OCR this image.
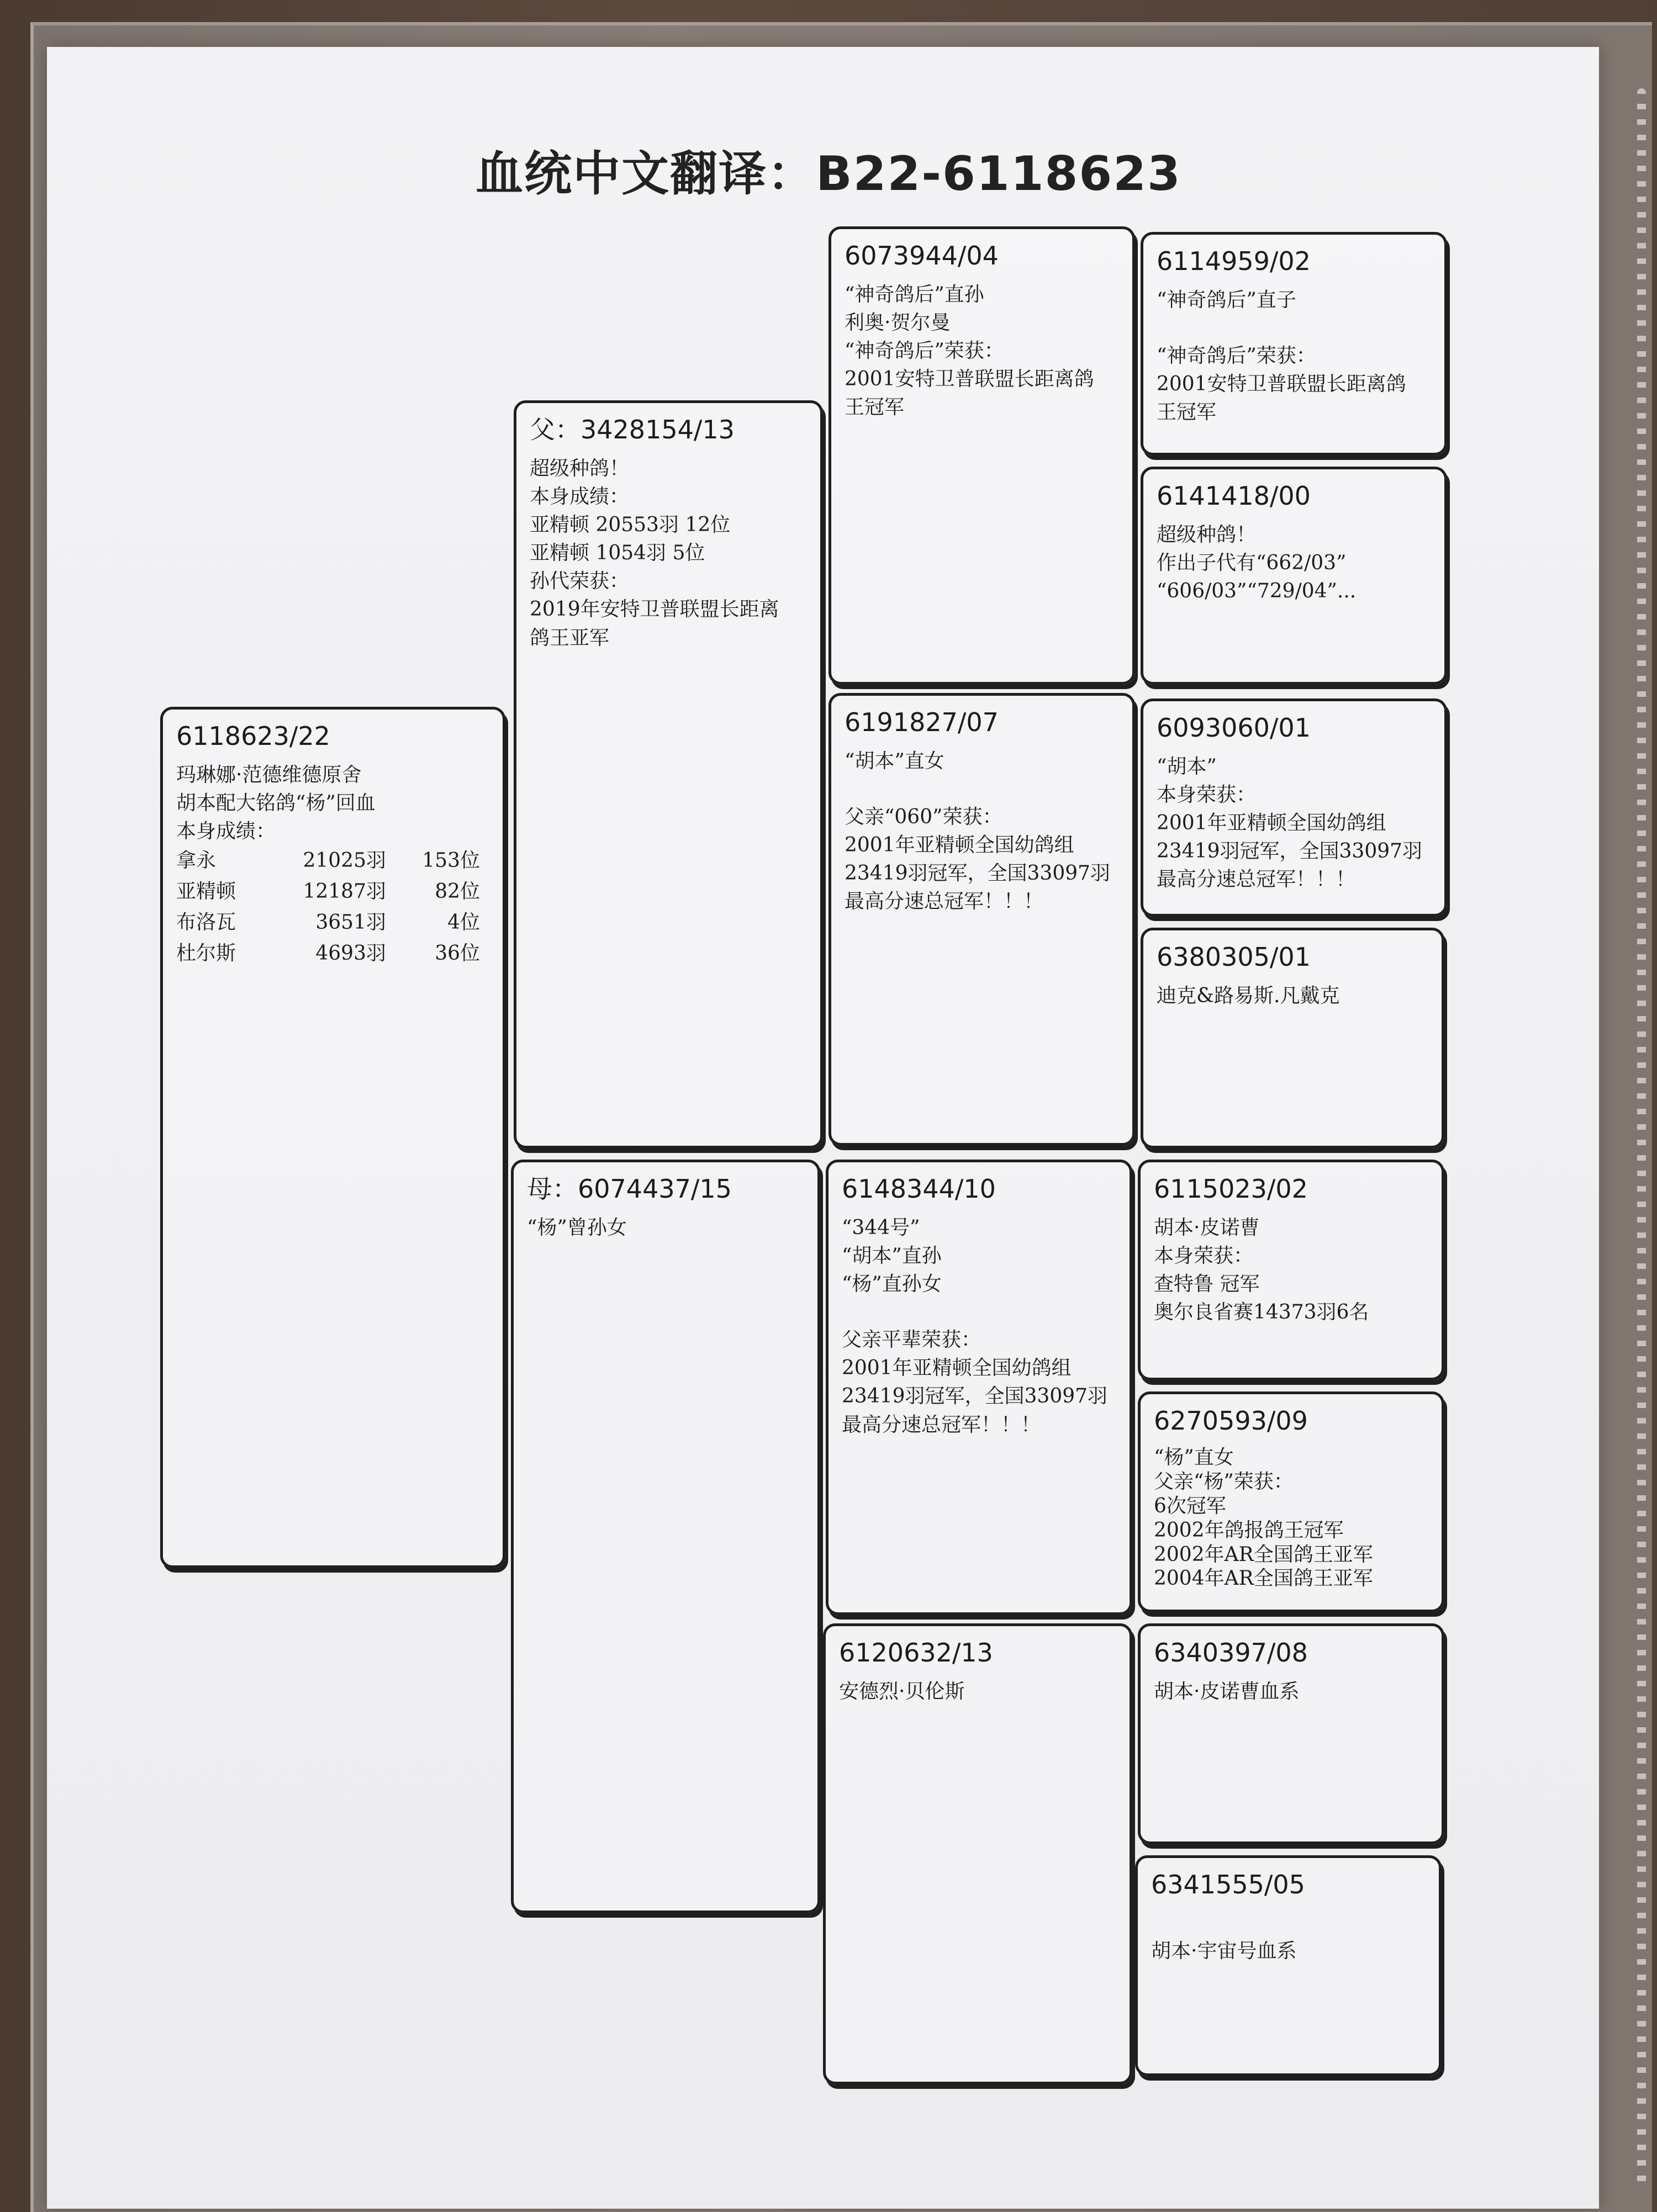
血统中文翻译：B22-6118623
6118623/22
玛琳娜·范德维德原舍
胡本配大铭鸽“杨”回血
本身成绩：
拿永	21025羽	153位
亚精顿	12187羽	82位
布洛瓦	3651羽	4位
杜尔斯	4693羽	36位
父：3428154/13
超级种鸽！
本身成绩：
亚精顿 20553羽 12位
亚精顿 1054羽 5位
孙代荣获：
2019年安特卫普联盟长距离
鸽王亚军
母：6074437/15
“杨”曾孙女
6073944/04
“神奇鸽后”直孙
利奥·贺尔曼
“神奇鸽后”荣获：
2001安特卫普联盟长距离鸽
王冠军
6191827/07
“胡本”直女
父亲“060”荣获：
2001年亚精顿全国幼鸽组
23419羽冠军，全国33097羽
最高分速总冠军！！！
6148344/10
“344号”
“胡本”直孙
“杨”直孙女
父亲平辈荣获：
2001年亚精顿全国幼鸽组
23419羽冠军，全国33097羽
最高分速总冠军！！！
6120632/13
安德烈·贝伦斯
6114959/02
“神奇鸽后”直子
“神奇鸽后”荣获：
2001安特卫普联盟长距离鸽
王冠军
6141418/00
超级种鸽！
作出子代有“662/03”
“606/03”“729/04”...
6093060/01
“胡本”
本身荣获：
2001年亚精顿全国幼鸽组
23419羽冠军，全国33097羽
最高分速总冠军！！！
6380305/01
迪克&路易斯.凡戴克
6115023/02
胡本·皮诺曹
本身荣获：
查特鲁 冠军
奥尔良省赛14373羽6名
6270593/09
“杨”直女
父亲“杨”荣获：
6次冠军
2002年鸽报鸽王冠军
2002年AR全国鸽王亚军
2004年AR全国鸽王亚军
6340397/08
胡本·皮诺曹血系
6341555/05
胡本·宇宙号血系
